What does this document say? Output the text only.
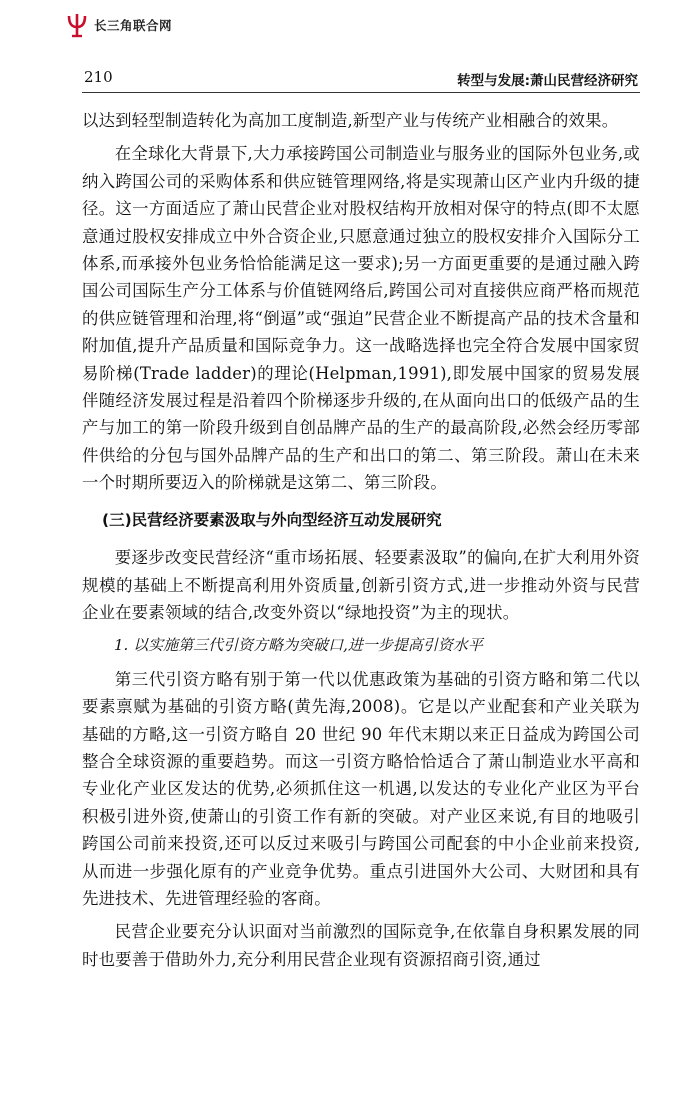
长三角联合网
210	转型与发展:萧山民营经济研究

以达到轻型制造转化为高加工度制造,新型产业与传统产业相融合的效果。

在全球化大背景下,大力承接跨国公司制造业与服务业的国际外包业务,或纳入跨国公司的采购体系和供应链管理网络,将是实现萧山区产业内升级的捷径。这一方面适应了萧山民营企业对股权结构开放相对保守的特点(即不太愿意通过股权安排成立中外合资企业,只愿意通过独立的股权安排介入国际分工体系,而承接外包业务恰恰能满足这一要求);另一方面更重要的是通过融入跨国公司国际生产分工体系与价值链网络后,跨国公司对直接供应商严格而规范的供应链管理和治理,将“倒逼”或“强迫”民营企业不断提高产品的技术含量和附加值,提升产品质量和国际竞争力。这一战略选择也完全符合发展中国家贸易阶梯(Trade ladder)的理论(Helpman,1991),即发展中国家的贸易发展伴随经济发展过程是沿着四个阶梯逐步升级的,在从面向出口的低级产品的生产与加工的第一阶段升级到自创品牌产品的生产的最高阶段,必然会经历零部件供给的分包与国外品牌产品的生产和出口的第二、第三阶段。萧山在未来一个时期所要迈入的阶梯就是这第二、第三阶段。

(三)民营经济要素汲取与外向型经济互动发展研究

要逐步改变民营经济“重市场拓展、轻要素汲取”的偏向,在扩大利用外资规模的基础上不断提高利用外资质量,创新引资方式,进一步推动外资与民营企业在要素领域的结合,改变外资以“绿地投资”为主的现状。

1. 以实施第三代引资方略为突破口,进一步提高引资水平

第三代引资方略有别于第一代以优惠政策为基础的引资方略和第二代以要素禀赋为基础的引资方略(黄先海,2008)。它是以产业配套和产业关联为基础的方略,这一引资方略自 20 世纪 90 年代末期以来正日益成为跨国公司整合全球资源的重要趋势。而这一引资方略恰恰适合了萧山制造业水平高和专业化产业区发达的优势,必须抓住这一机遇,以发达的专业化产业区为平台积极引进外资,使萧山的引资工作有新的突破。对产业区来说,有目的地吸引跨国公司前来投资,还可以反过来吸引与跨国公司配套的中小企业前来投资,从而进一步强化原有的产业竞争优势。重点引进国外大公司、大财团和具有先进技术、先进管理经验的客商。

民营企业要充分认识面对当前激烈的国际竞争,在依靠自身积累发展的同时也要善于借助外力,充分利用民营企业现有资源招商引资,通过
